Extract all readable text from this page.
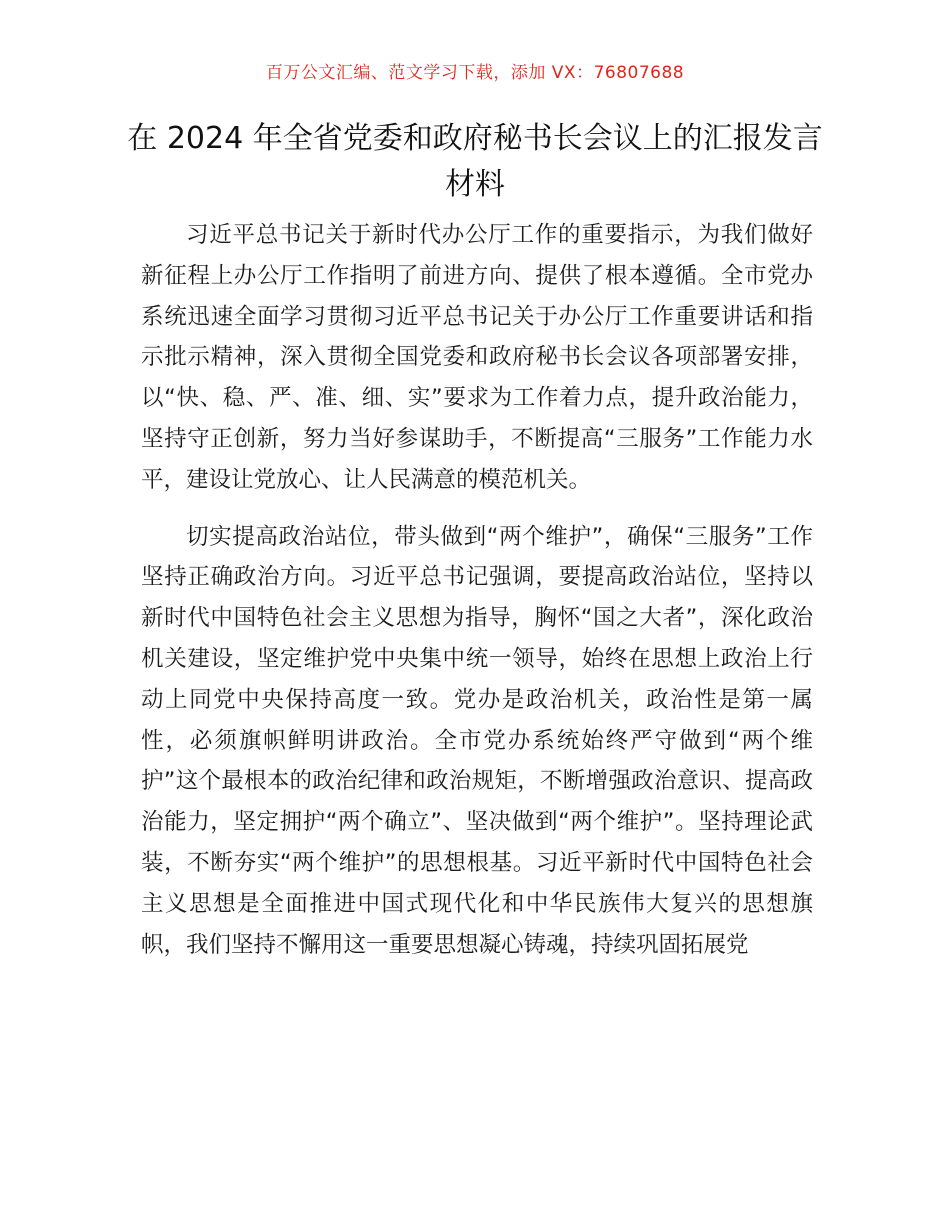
百万公文汇编、范文学习下载，添加 VX：76807688
在 2024 年全省党委和政府秘书长会议上的汇报发言材料

习近平总书记关于新时代办公厅工作的重要指示，为我们做好新征程上办公厅工作指明了前进方向、提供了根本遵循。全市党办系统迅速全面学习贯彻习近平总书记关于办公厅工作重要讲话和指示批示精神，深入贯彻全国党委和政府秘书长会议各项部署安排，以“快、稳、严、准、细、实”要求为工作着力点，提升政治能力，坚持守正创新，努力当好参谋助手，不断提高“三服务”工作能力水平，建设让党放心、让人民满意的模范机关。

切实提高政治站位，带头做到“两个维护”，确保“三服务”工作坚持正确政治方向。习近平总书记强调，要提高政治站位，坚持以新时代中国特色社会主义思想为指导，胸怀“国之大者”，深化政治机关建设，坚定维护党中央集中统一领导，始终在思想上政治上行动上同党中央保持高度一致。党办是政治机关，政治性是第一属性，必须旗帜鲜明讲政治。全市党办系统始终严守做到“两个维护”这个最根本的政治纪律和政治规矩，不断增强政治意识、提高政治能力，坚定拥护“两个确立”、坚决做到“两个维护”。坚持理论武装，不断夯实“两个维护”的思想根基。习近平新时代中国特色社会主义思想是全面推进中国式现代化和中华民族伟大复兴的思想旗帜，我们坚持不懈用这一重要思想凝心铸魂，持续巩固拓展党
